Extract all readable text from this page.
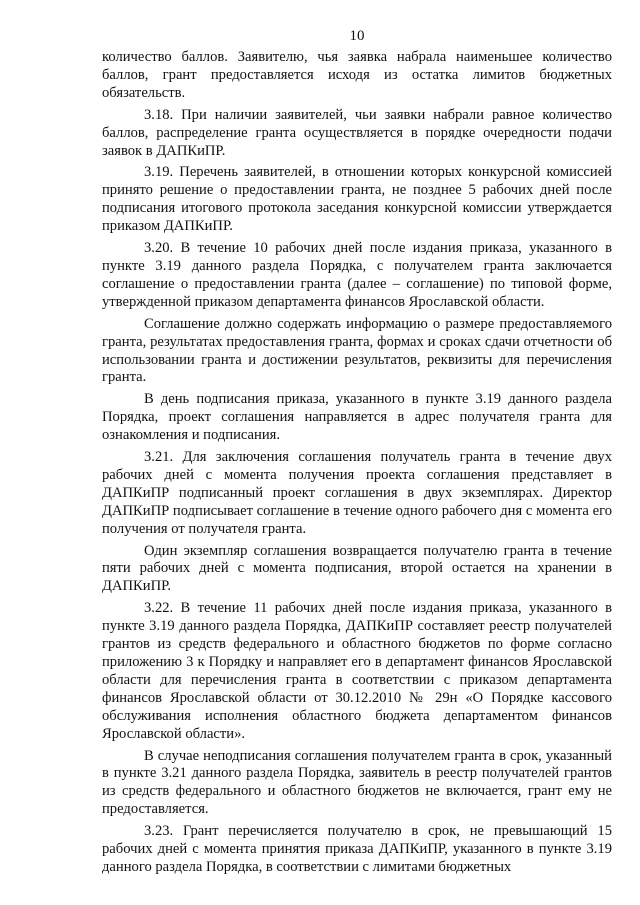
10

количество баллов. Заявителю, чья заявка набрала наименьшее количество баллов, грант предоставляется исходя из остатка лимитов бюджетных обязательств.

3.18. При наличии заявителей, чьи заявки набрали равное количество баллов, распределение гранта осуществляется в порядке очередности подачи заявок в ДАПКиПР.

3.19. Перечень заявителей, в отношении которых конкурсной комиссией принято решение о предоставлении гранта, не позднее 5 рабочих дней после подписания итогового протокола заседания конкурсной комиссии утверждается приказом ДАПКиПР.

3.20. В течение 10 рабочих дней после издания приказа, указанного в пункте 3.19 данного раздела Порядка, с получателем гранта заключается соглашение о предоставлении гранта (далее – соглашение) по типовой форме, утвержденной приказом департамента финансов Ярославской области.

Соглашение должно содержать информацию о размере предоставляемого гранта, результатах предоставления гранта, формах и сроках сдачи отчетности об использовании гранта и достижении результатов, реквизиты для перечисления гранта.

В день подписания приказа, указанного в пункте 3.19 данного раздела Порядка, проект соглашения направляется в адрес получателя гранта для ознакомления и подписания.

3.21. Для заключения соглашения получатель гранта в течение двух рабочих дней с момента получения проекта соглашения представляет в ДАПКиПР подписанный проект соглашения в двух экземплярах. Директор ДАПКиПР подписывает соглашение в течение одного рабочего дня с момента его получения от получателя гранта.

Один экземпляр соглашения возвращается получателю гранта в течение пяти рабочих дней с момента подписания, второй остается на хранении в ДАПКиПР.

3.22. В течение 11 рабочих дней после издания приказа, указанного в пункте 3.19 данного раздела Порядка, ДАПКиПР составляет реестр получателей грантов из средств федерального и областного бюджетов по форме согласно приложению 3 к Порядку и направляет его в департамент финансов Ярославской области для перечисления гранта в соответствии с приказом департамента финансов Ярославской области от 30.12.2010 № 29н «О Порядке кассового обслуживания исполнения областного бюджета департаментом финансов Ярославской области».

В случае неподписания соглашения получателем гранта в срок, указанный в пункте 3.21 данного раздела Порядка, заявитель в реестр получателей грантов из средств федерального и областного бюджетов не включается, грант ему не предоставляется.

3.23. Грант перечисляется получателю в срок, не превышающий 15 рабочих дней с момента принятия приказа ДАПКиПР, указанного в пункте 3.19 данного раздела Порядка, в соответствии с лимитами бюджетных
